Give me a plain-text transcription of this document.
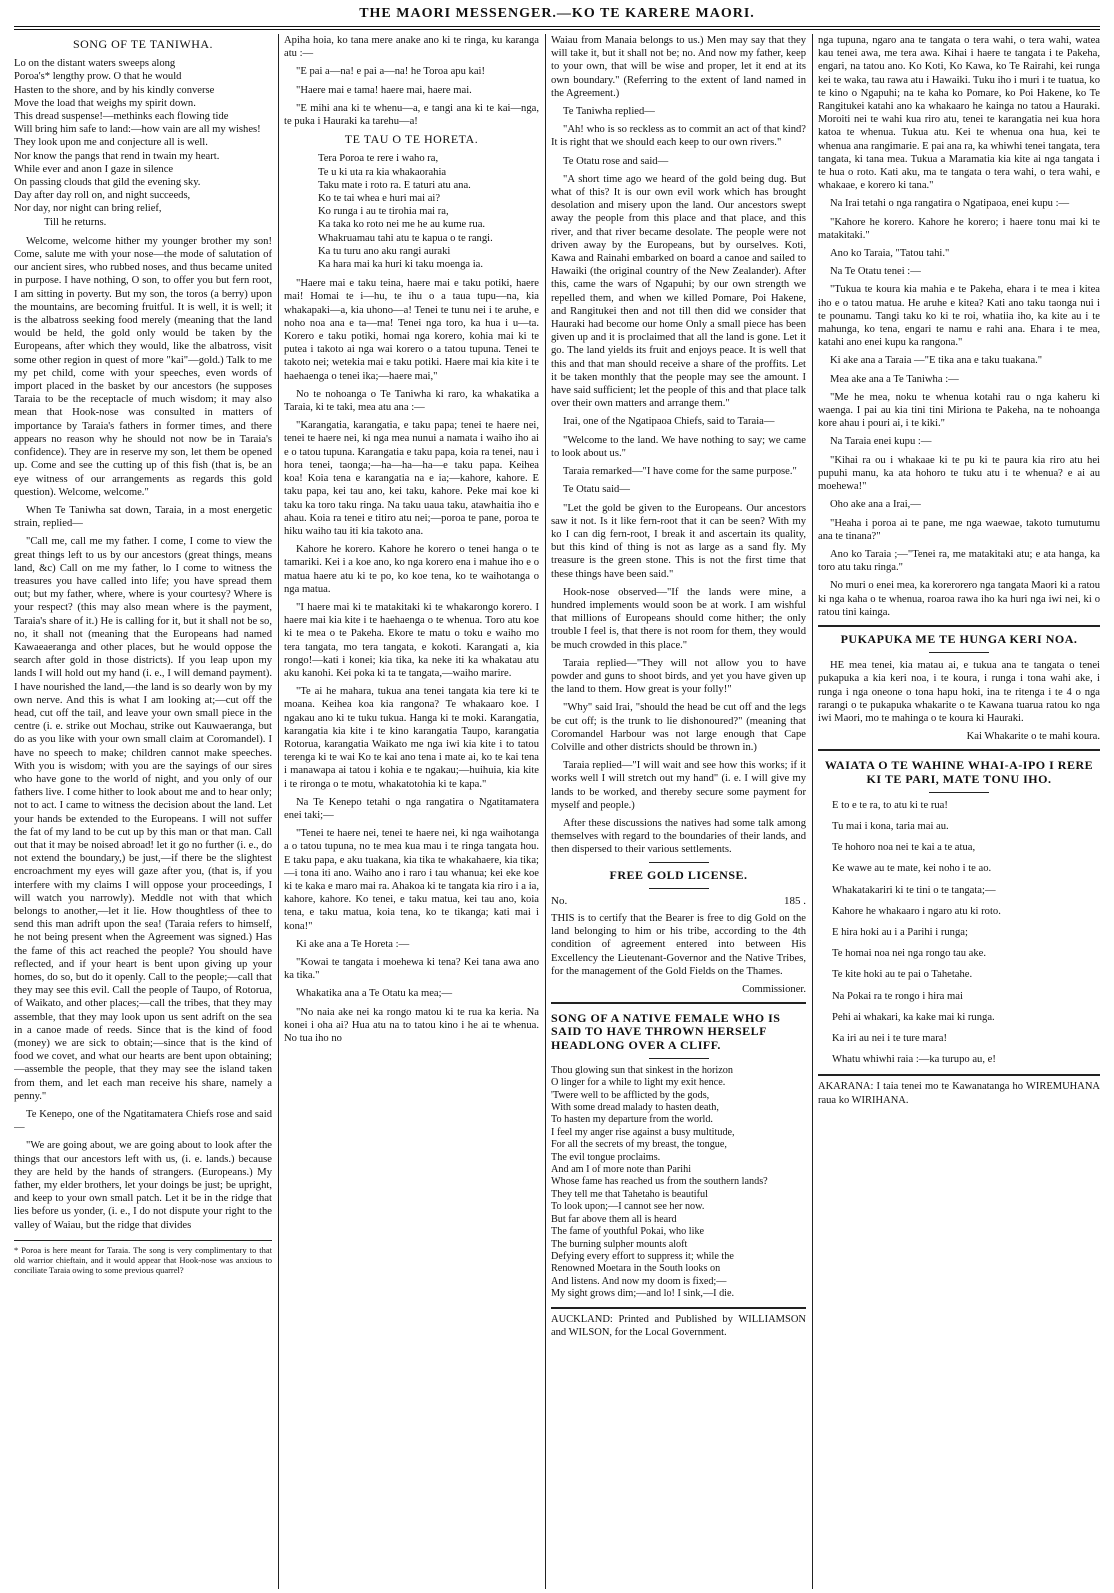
THE MAORI MESSENGER.—KO TE KARERE MAORI.
SONG OF TE TANIWHA.
Lo on the distant waters sweeps along
Poroa's* lengthy prow. O that he would
Hasten to the shore, and by his kindly converse
Move the load that weighs my spirit down.
This dread suspense!—methinks each flowing tide
Will bring him safe to land:—how vain are all my wishes!
They look upon me and conjecture all is well.
Nor know the pangs that rend in twain my heart.
While ever and anon I gaze in silence
On passing clouds that gild the evening sky.
Day after day roll on, and night succeeds,
Nor day, nor night can bring relief,
Till he returns.

Welcome, welcome hither my younger brother my son! Come, salute me with your nose—the mode of salutation of our ancient sires, who rubbed noses, and thus became united in purpose. I have nothing, O son, to offer you but fern root, I am sitting in poverty. But my son, the toros (a berry) upon the mountains, are becoming fruitful. It is well, it is well; it is the albatross seeking food merely (meaning that the land would be held, the gold only would be taken by the Europeans, after which they would, like the albatross, visit some other region in quest of more "kai"—gold.) Talk to me my pet child, come with your speeches, even words of import placed in the basket by our ancestors (he supposes Taraia to be the receptacle of much wisdom; it may also mean that Hook-nose was consulted in matters of importance by Taraia's fathers in former times, and there appears no reason why he should not now be in Taraia's confidence). They are in reserve my son, let them be opened up. Come and see the cutting up of this fish (that is, be an eye witness of our arrangements as regards this gold question). Welcome, welcome."

When Te Taniwha sat down, Taraia, in a most energetic strain, replied—

"Call me, call me my father. I come, I come to view the great things left to us by our ancestors (great things, means land, &c) Call on me my father, lo I come to witness the treasures you have called into life; you have spread them out; but my father, where, where is your courtesy? Where is your respect? (this may also mean where is the payment, Taraia's share of it.) He is calling for it, but it shall not be so, no, it shall not (meaning that the Europeans had named Kawaeaeranga and other places, but he would oppose the search after gold in those districts). If you leap upon my lands I will hold out my hand (i. e., I will demand payment). I have nourished the land,—the land is so dearly won by my own nerve. And this is what I am looking at;—cut off the head, cut off the tail, and leave your own small piece in the centre (i. e. strike out Mochau, strike out Kauwaeranga, but do as you like with your own small claim at Coromandel). I have no speech to make; children cannot make speeches. With you is wisdom; with you are the sayings of our sires who have gone to the world of night, and you only of our fathers live. I come hither to look about me and to hear only; not to act. I came to witness the decision about the land. Let your hands be extended to the Europeans. I will not suffer the fat of my land to be cut up by this man or that man. Call out that it may be noised abroad! let it go no further (i. e., do not extend the boundary,) be just,—if there be the slightest encroachment my eyes will gaze after you, (that is, if you interfere with my claims I will oppose your proceedings, I will watch you narrowly). Meddle not with that which belongs to another,—let it lie. How thoughtless of thee to send this man adrift upon the sea! (Taraia refers to himself, he not being present when the Agreement was signed.) Has the fame of this act reached the people? You should have reflected, and if your heart is bent upon giving up your homes, do so, but do it openly. Call to the people;—call that they may see this evil. Call the people of Taupo, of Rotorua, of Waikato, and other places;—call the tribes, that they may assemble, that they may look upon us sent adrift on the sea in a canoe made of reeds. Since that is the kind of food (money) we are sick to obtain;—since that is the kind of food we covet, and what our hearts are bent upon obtaining;—assemble the people, that they may see the island taken from them, and let each man receive his share, namely a penny."

Te Kenepo, one of the Ngatitamatera Chiefs rose and said—

"We are going about, we are going about to look after the things that our ancestors left with us, (i. e. lands.) because they are held by the hands of strangers. (Europeans.) My father, my elder brothers, let your doings be just; be upright, and keep to your own small patch. Let it be in the ridge that lies before us yonder, (i. e., I do not dispute your right to the valley of Waiau, but the ridge that divides

* Poroa is here meant for Taraia. The song is very complimentary to that old warrior chieftain, and it would appear that Hook-nose was anxious to conciliate Taraia owing to some previous quarrel?

Apiha hoia, ko tana mere anake ano ki te ringa, ku karanga atu :—

"E pai a—na! e pai a—na! he Toroa apu kai!

"Haere mai e tama! haere mai, haere mai.

"E mihi ana ki te whenu—a, e tangi ana ki te kai—nga, te puka i Hauraki ka tarehu—a!

TE TAU O TE HORETA.
Tera Poroa te rere i waho ra,
Te u ki uta ra kia whakaorahia
Taku mate i roto ra. E taturi atu ana.
Ko te tai whea e huri mai ai?
Ko runga i au te tirohia mai ra,
Ka taka ko roto nei me he au kume rua.
Whakruamau tahi atu te kapua o te rangi.
Ka tu turu ano aku rangi auraki
Ka hara mai ka huri ki taku moenga ia.

"Haere mai e taku teina, haere mai e taku potiki, haere mai! Homai te i—hu, te ihu o a taua tupu—na, kia whakapaki—a, kia uhono—a! Tenei te tunu nei i te aruhe, e noho noa ana e ta—ma! Tenei nga toro, ka hua i u—ta. Korero e taku potiki, homai nga korero, kohia mai ki te putea i takoto ai nga wai korero o a tatou tupuna. Tenei te takoto nei; wetekia mai e taku potiki. Haere mai kia kite i te haehaenga o tenei ika;—haere mai,"

No te nohoanga o Te Taniwha ki raro, ka whakatika a Taraia, ki te taki, mea atu ana :—

"Karangatia, karangatia, e taku papa; tenei te haere nei, tenei te haere nei, ki nga mea nunui a namata i waiho iho ai e o tatou tupuna. Karangatia e taku papa, koia ra tenei, nau i hora tenei, taonga;—ha—ha—ha—e taku papa. Keihea koa! Koia tena e karangatia na e ia;—kahore, kahore. E taku papa, kei tau ano, kei taku, kahore. Peke mai koe ki taku ka toro taku ringa. Na taku uaua taku, atawhaitia iho e ahau. Koia ra tenei e titiro atu nei;—poroa te pane, poroa te hiku waiho tau iti kia takoto ana.

Kahore he korero. Kahore he korero o tenei hanga o te tamariki. Kei i a koe ano, ko nga korero ena i mahue iho e o matua haere atu ki te po, ko koe tena, ko te waihotanga o nga matua.

"I haere mai ki te matakitaki ki te whakarongo korero. I haere mai kia kite i te haehaenga o te whenua. Toro atu koe ki te mea o te Pakeha. Ekore te matu o toku e waiho mo tera tangata, mo tera tangata, e kokoti. Karangati a, kia rongo!—kati i konei; kia tika, ka neke iti ka whakatau atu aku kanohi. Kei poka ki ta te tangata,—waiho marire.

"Te ai he mahara, tukua ana tenei tangata kia tere ki te moana. Keihea koa kia rangona? Te whakaaro koe. I ngakau ano ki te tuku tukua. Hanga ki te moki. Karangatia, karangatia kia kite i te kino karangatia Taupo, karangatia Rotorua, karangatia Waikato me nga iwi kia kite i to tatou terenga ki te wai Ko te kai ano tena i mate ai, ko te kai tena i manawapa ai tatou i kohia e te ngakau;—huihuia, kia kite i te rironga o te motu, whakatotohia ki te kapa."

Na Te Kenepo tetahi o nga rangatira o Ngatitamatera enei taki;—

"Tenei te haere nei, tenei te haere nei, ki nga waihotanga a o tatou tupuna, no te mea kua mau i te ringa tangata hou. E taku papa, e aku tuakana, kia tika te whakahaere, kia tika;—i tona iti ano. Waiho ano i raro i tau whanua; kei eke koe ki te kaka e maro mai ra. Ahakoa ki te tangata kia riro i a ia, kahore, kahore. Ko tenei, e taku matua, kei tau ano, koia tena, e taku matua, koia tena, ko te tikanga; kati mai i kona!"

Ki ake ana a Te Horeta :—

"Kowai te tangata i moehewa ki tena? Kei tana awa ano ka tika."

Whakatika ana a Te Otatu ka mea;—

"No naia ake nei ka rongo matou ki te rua ka keria. Na konei i oha ai? Hua atu na to tatou kino i he ai te whenua. No tua iho no

Waiau from Manaia belongs to us.) Men may say that they will take it, but it shall not be; no. And now my father, keep to your own, that will be wise and proper, let it end at its own boundary." (Referring to the extent of land named in the Agreement.)

Te Taniwha replied—

"Ah! who is so reckless as to commit an act of that kind? It is right that we should each keep to our own rivers."

Te Otatu rose and said—

"A short time ago we heard of the gold being dug. But what of this? It is our own evil work which has brought desolation and misery upon the land. Our ancestors swept away the people from this place and that place, and this river, and that river became desolate. The people were not driven away by the Europeans, but by ourselves. Koti, Kawa and Rainahi embarked on board a canoe and sailed to Hawaiki (the original country of the New Zealander). After this, came the wars of Ngapuhi; by our own strength we repelled them, and when we killed Pomare, Poi Hakene, and Rangitukei then and not till then did we consider that Hauraki had become our home Only a small piece has been given up and it is proclaimed that all the land is gone. Let it go. The land yields its fruit and enjoys peace. It is well that this and that man should receive a share of the proffits. Let it be taken monthly that the people may see the amount. I have said sufficient; let the people of this and that place talk over their own matters and arrange them."

Irai, one of the Ngatipaoa Chiefs, said to Taraia—

"Welcome to the land. We have nothing to say; we came to look about us."

Taraia remarked—"I have come for the same purpose."

Te Otatu said—

"Let the gold be given to the Europeans. Our ancestors saw it not. Is it like fern-root that it can be seen? With my ko I can dig fern-root, I break it and ascertain its quality, but this kind of thing is not as large as a sand fly. My treasure is the green stone. This is not the first time that these things have been said."

Hook-nose observed—"If the lands were mine, a hundred implements would soon be at work. I am wishful that millions of Europeans should come hither; the only trouble I feel is, that there is not room for them, they would be much crowded in this place."

Taraia replied—"They will not allow you to have powder and guns to shoot birds, and yet you have given up the land to them. How great is your folly!"

"Why" said Irai, "should the head be cut off and the legs be cut off; is the trunk to lie dishonoured?" (meaning that Coromandel Harbour was not large enough that Cape Colville and other districts should be thrown in.)

Taraia replied—"I will wait and see how this works; if it works well I will stretch out my hand" (i. e. I will give my lands to be worked, and thereby secure some payment for myself and people.)

After these discussions the natives had some talk among themselves with regard to the boundaries of their lands, and then dispersed to their various settlements.

FREE GOLD LICENSE.
No.	185 .

THIS is to certify that the Bearer is free to dig Gold on the land belonging to him or his tribe, according to the 4th condition of agreement entered into between His Excellency the Lieutenant-Governor and the Native Tribes, for the management of the Gold Fields on the Thames.

Commissioner.
SONG OF A NATIVE FEMALE WHO IS SAID TO HAVE THROWN HERSELF HEADLONG OVER A CLIFF.
Thou glowing sun that sinkest in the horizon
O linger for a while to light my exit hence.
'Twere well to be afflicted by the gods,
With some dread malady to hasten death,
To hasten my departure from the world.
I feel my anger rise against a busy multitude,
For all the secrets of my breast, the tongue,
The evil tongue proclaims.
And am I of more note than Parihi
Whose fame has reached us from the southern lands?
They tell me that Tahetaho is beautiful
To look upon;—I cannot see her now.
But far above them all is heard
The fame of youthful Pokai, who like
The burning sulpher mounts aloft
Defying every effort to suppress it; while the
Renowned Moetara in the South looks on
And listens. And now my doom is fixed;—
My sight grows dim;—and lo! I sink,—I die.
AUCKLAND: Printed and Published by WILLIAMSON and WILSON, for the Local Government.

nga tupuna, ngaro ana te tangata o tera wahi, o tera wahi, watea kau tenei awa, me tera awa. Kihai i haere te tangata i te Pakeha, engari, na tatou ano. Ko Koti, Ko Kawa, ko Te Rairahi, kei runga kei te waka, tau rawa atu i Hawaiki. Tuku iho i muri i te tuatua, ko te kino o Ngapuhi; na te kaha ko Pomare, ko Poi Hakene, ko Te Rangitukei katahi ano ka whakaaro he kainga no tatou a Hauraki. Moroiti nei te wahi kua riro atu, tenei te karangatia nei kua hora katoa te whenua. Tukua atu. Kei te whenua ona hua, kei te whenua ana rangimarie. E pai ana ra, ka whiwhi tenei tangata, tera tangata, ki tana mea. Tukua a Maramatia kia kite ai nga tangata i te hua o roto. Kati aku, ma te tangata o tera wahi, o tera wahi, e whakaae, e korero ki tana."

Na Irai tetahi o nga rangatira o Ngatipaoa, enei kupu :—

"Kahore he korero. Kahore he korero; i haere tonu mai ki te matakitaki."

Ano ko Taraia, "Tatou tahi."

Na Te Otatu tenei :—

"Tukua te koura kia mahia e te Pakeha, ehara i te mea i kitea iho e o tatou matua. He aruhe e kitea? Kati ano taku taonga nui i te pounamu. Tangi taku ko ki te roi, whatiia iho, ka kite au i te mahunga, ko tena, engari te namu e rahi ana. Ehara i te mea, katahi ano enei kupu ka rangona."

Ki ake ana a Taraia —"E tika ana e taku tuakana."

Mea ake ana a Te Taniwha :—

"Me he mea, noku te whenua kotahi rau o nga kaheru ki waenga. I pai au kia tini tini Miriona te Pakeha, na te nohoanga kore ahau i pouri ai, i te kiki."

Na Taraia enei kupu :—

"Kihai ra ou i whakaae ki te pu ki te paura kia riro atu hei pupuhi manu, ka ata hohoro te tuku atu i te whenua? e ai au moehewa!"

Oho ake ana a Irai,—

"Heaha i poroa ai te pane, me nga waewae, takoto tumutumu ana te tinana?"

Ano ko Taraia ;—"Tenei ra, me matakitaki atu; e ata hanga, ka toro atu taku ringa."

No muri o enei mea, ka korerorero nga tangata Maori ki a ratou ki nga kaha o te whenua, roaroa rawa iho ka huri nga iwi nei, ki o ratou tini kainga.

PUKAPUKA ME TE HUNGA KERI NOA.

HE mea tenei, kia matau ai, e tukua ana te tangata o tenei pukapuka a kia keri noa, i te koura, i runga i tona wahi ake, i runga i nga oneone o tona hapu hoki, ina te ritenga i te 4 o nga rarangi o te pukapuka whakarite o te Kawana tuarua ratou ko nga iwi Maori, mo te mahinga o te koura ki Hauraki.

Kai Whakarite o te mahi koura.
WAIATA O TE WAHINE WHAI-A-IPO I RERE KI TE PARI, MATE TONU IHO.
E to e te ra, to atu ki te rua!
Tu mai i kona, taria mai au.
Te hohoro noa nei te kai a te atua,
Ke wawe au te mate, kei noho i te ao.
Whakatakariri ki te tini o te tangata;—
Kahore he whakaaro i ngaro atu ki roto.
E hira hoki au i a Parihi i runga;
Te homai noa nei nga rongo tau ake.
Te kite hoki au te pai o Tahetahe.
Na Pokai ra te rongo i hira mai
Pehi ai whakari, ka kake mai ki runga.
Ka iri au nei i te ture mara!
Whatu whiwhi raia :—ka turupo au, e!
AKARANA: I taia tenei mo te Kawanatanga ho WIREMUHANA raua ko WIRIHANA.
